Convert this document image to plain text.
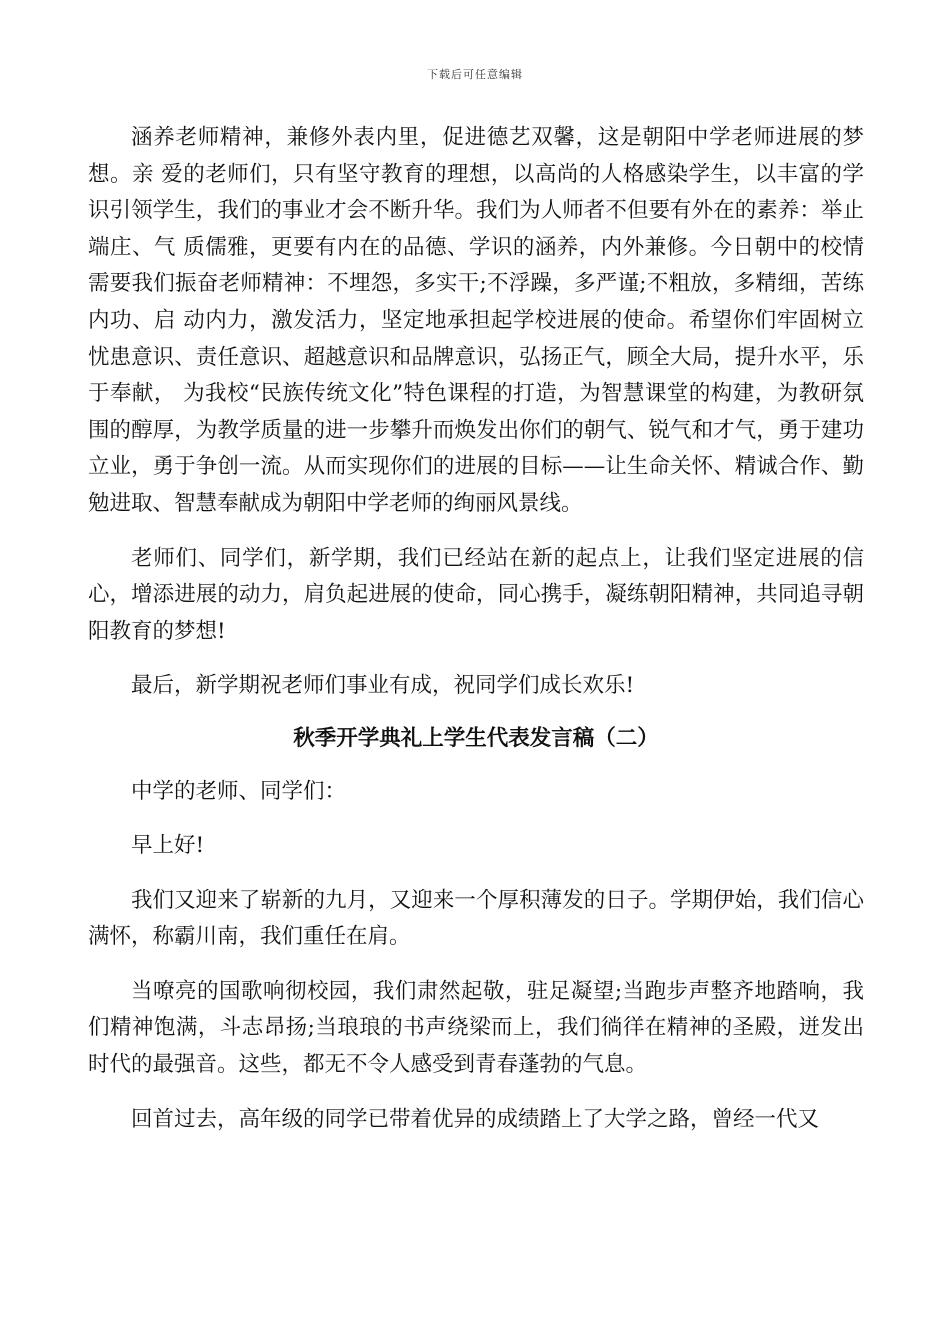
下载后可任意编辑

涵养老师精神，兼修外表内里，促进德艺双馨，这是朝阳中学老师进展的梦想。亲 爱的老师们，只有坚守教育的理想，以高尚的人格感染学生，以丰富的学识引领学生，我们的事业才会不断升华。我们为人师者不但要有外在的素养：举止端庄、气 质儒雅，更要有内在的品德、学识的涵养，内外兼修。今日朝中的校情需要我们振奋老师精神：不埋怨，多实干;不浮躁，多严谨;不粗放，多精细，苦练内功、启 动内力，激发活力，坚定地承担起学校进展的使命。希望你们牢固树立忧患意识、责任意识、超越意识和品牌意识，弘扬正气，顾全大局，提升水平，乐于奉献， 为我校“民族传统文化”特色课程的打造，为智慧课堂的构建，为教研氛围的醇厚，为教学质量的进一步攀升而焕发出你们的朝气、锐气和才气，勇于建功立业，勇于争创一流。从而实现你们的进展的目标——让生命关怀、精诚合作、勤勉进取、智慧奉献成为朝阳中学老师的绚丽风景线。

老师们、同学们，新学期，我们已经站在新的起点上，让我们坚定进展的信心，增添进展的动力，肩负起进展的使命，同心携手，凝练朝阳精神，共同追寻朝阳教育的梦想!

最后，新学期祝老师们事业有成，祝同学们成长欢乐!

秋季开学典礼上学生代表发言稿（二）

中学的老师、同学们：

早上好!

我们又迎来了崭新的九月，又迎来一个厚积薄发的日子。学期伊始，我们信心满怀，称霸川南，我们重任在肩。

当嘹亮的国歌响彻校园，我们肃然起敬，驻足凝望;当跑步声整齐地踏响，我们精神饱满，斗志昂扬;当琅琅的书声绕梁而上，我们徜徉在精神的圣殿，迸发出时代的最强音。这些，都无不令人感受到青春蓬勃的气息。

回首过去，高年级的同学已带着优异的成绩踏上了大学之路，曾经一代又
